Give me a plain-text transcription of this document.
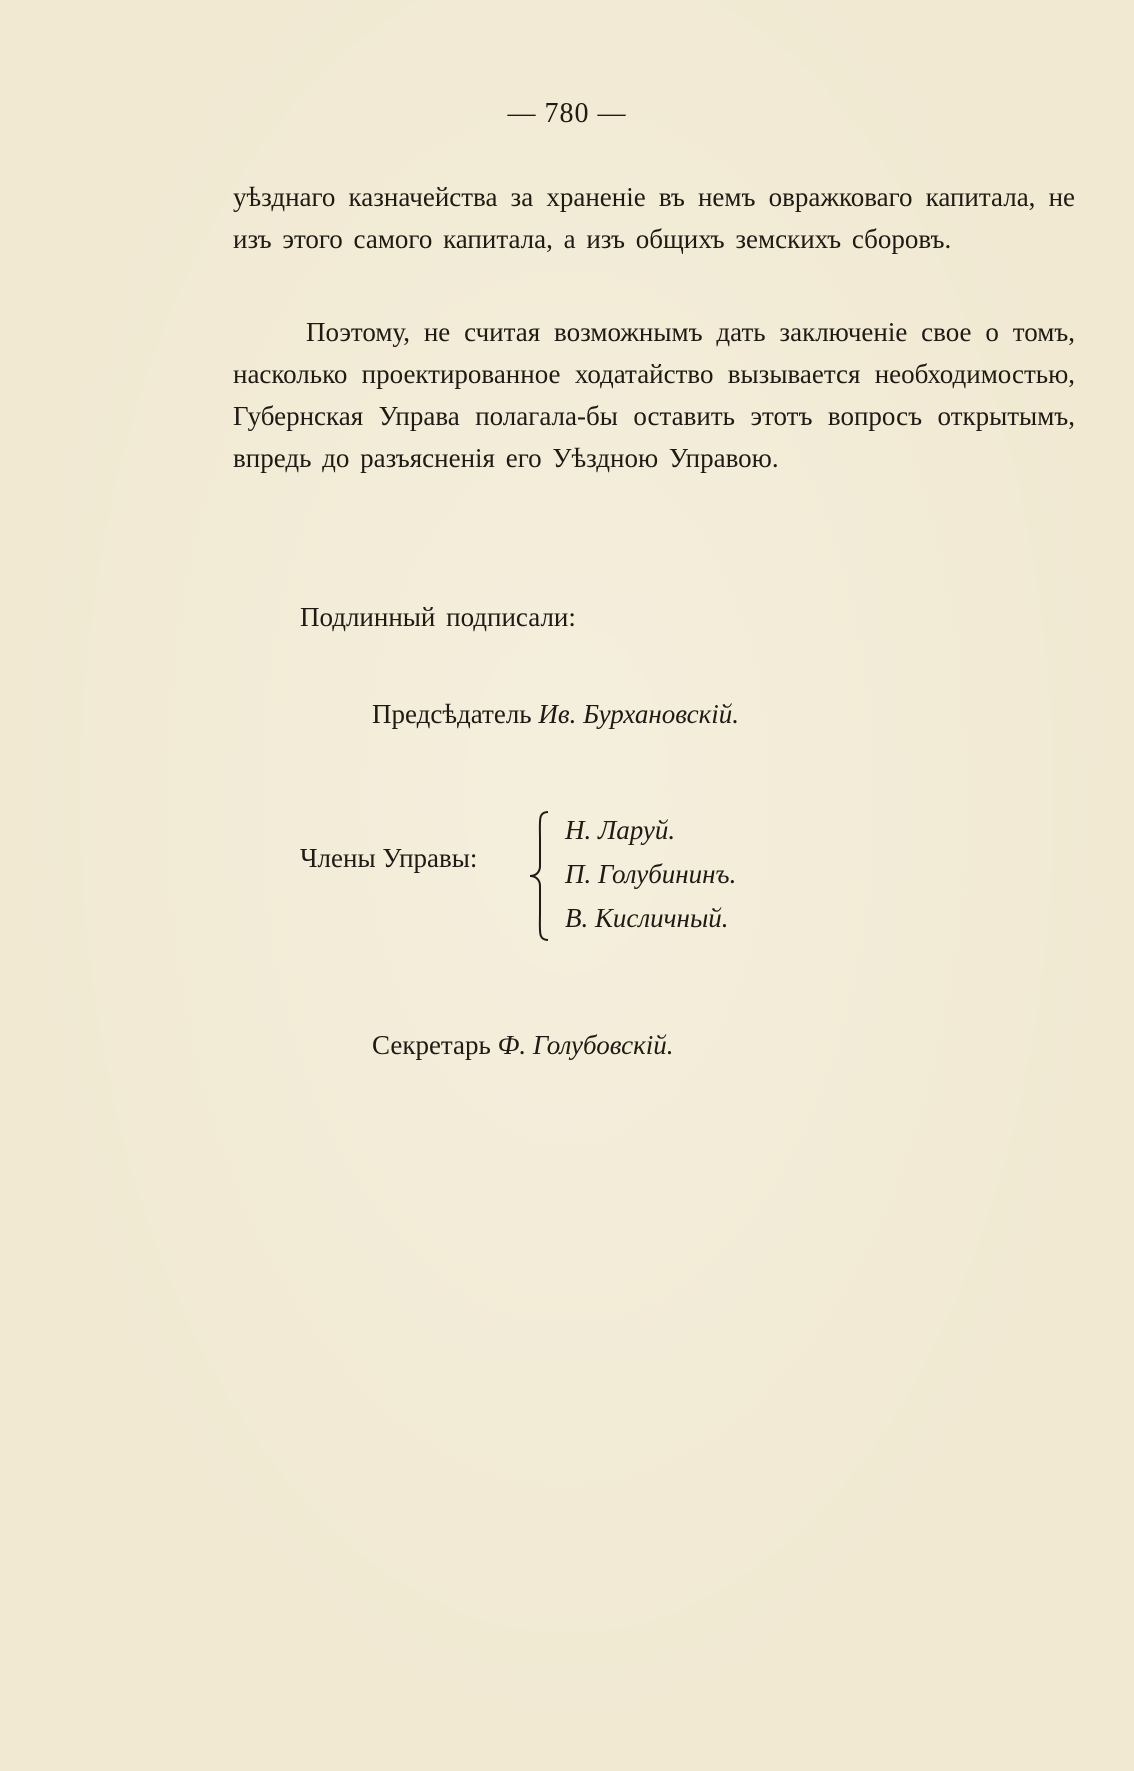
— 780 —

уѣзднаго казначейства за храненіе въ немъ овражковаго капитала, не изъ этого самого капитала, а изъ общихъ земскихъ сборовъ.

Поэтому, не считая возможнымъ дать заключеніе свое о томъ, насколько проектированное ходатайство вызывается необходимостью, Губернская Управа полагала-бы оставить этотъ вопросъ открытымъ, впредь до разъясненія его Уѣздною Управою.

Подлинный подписали:

Предсѣдатель Ив. Бурхановскій.
Члены Управы:
Н. Ларуй.
П. Голубининъ.
В. Кисличный.
Секретарь Ф. Голубовскій.
